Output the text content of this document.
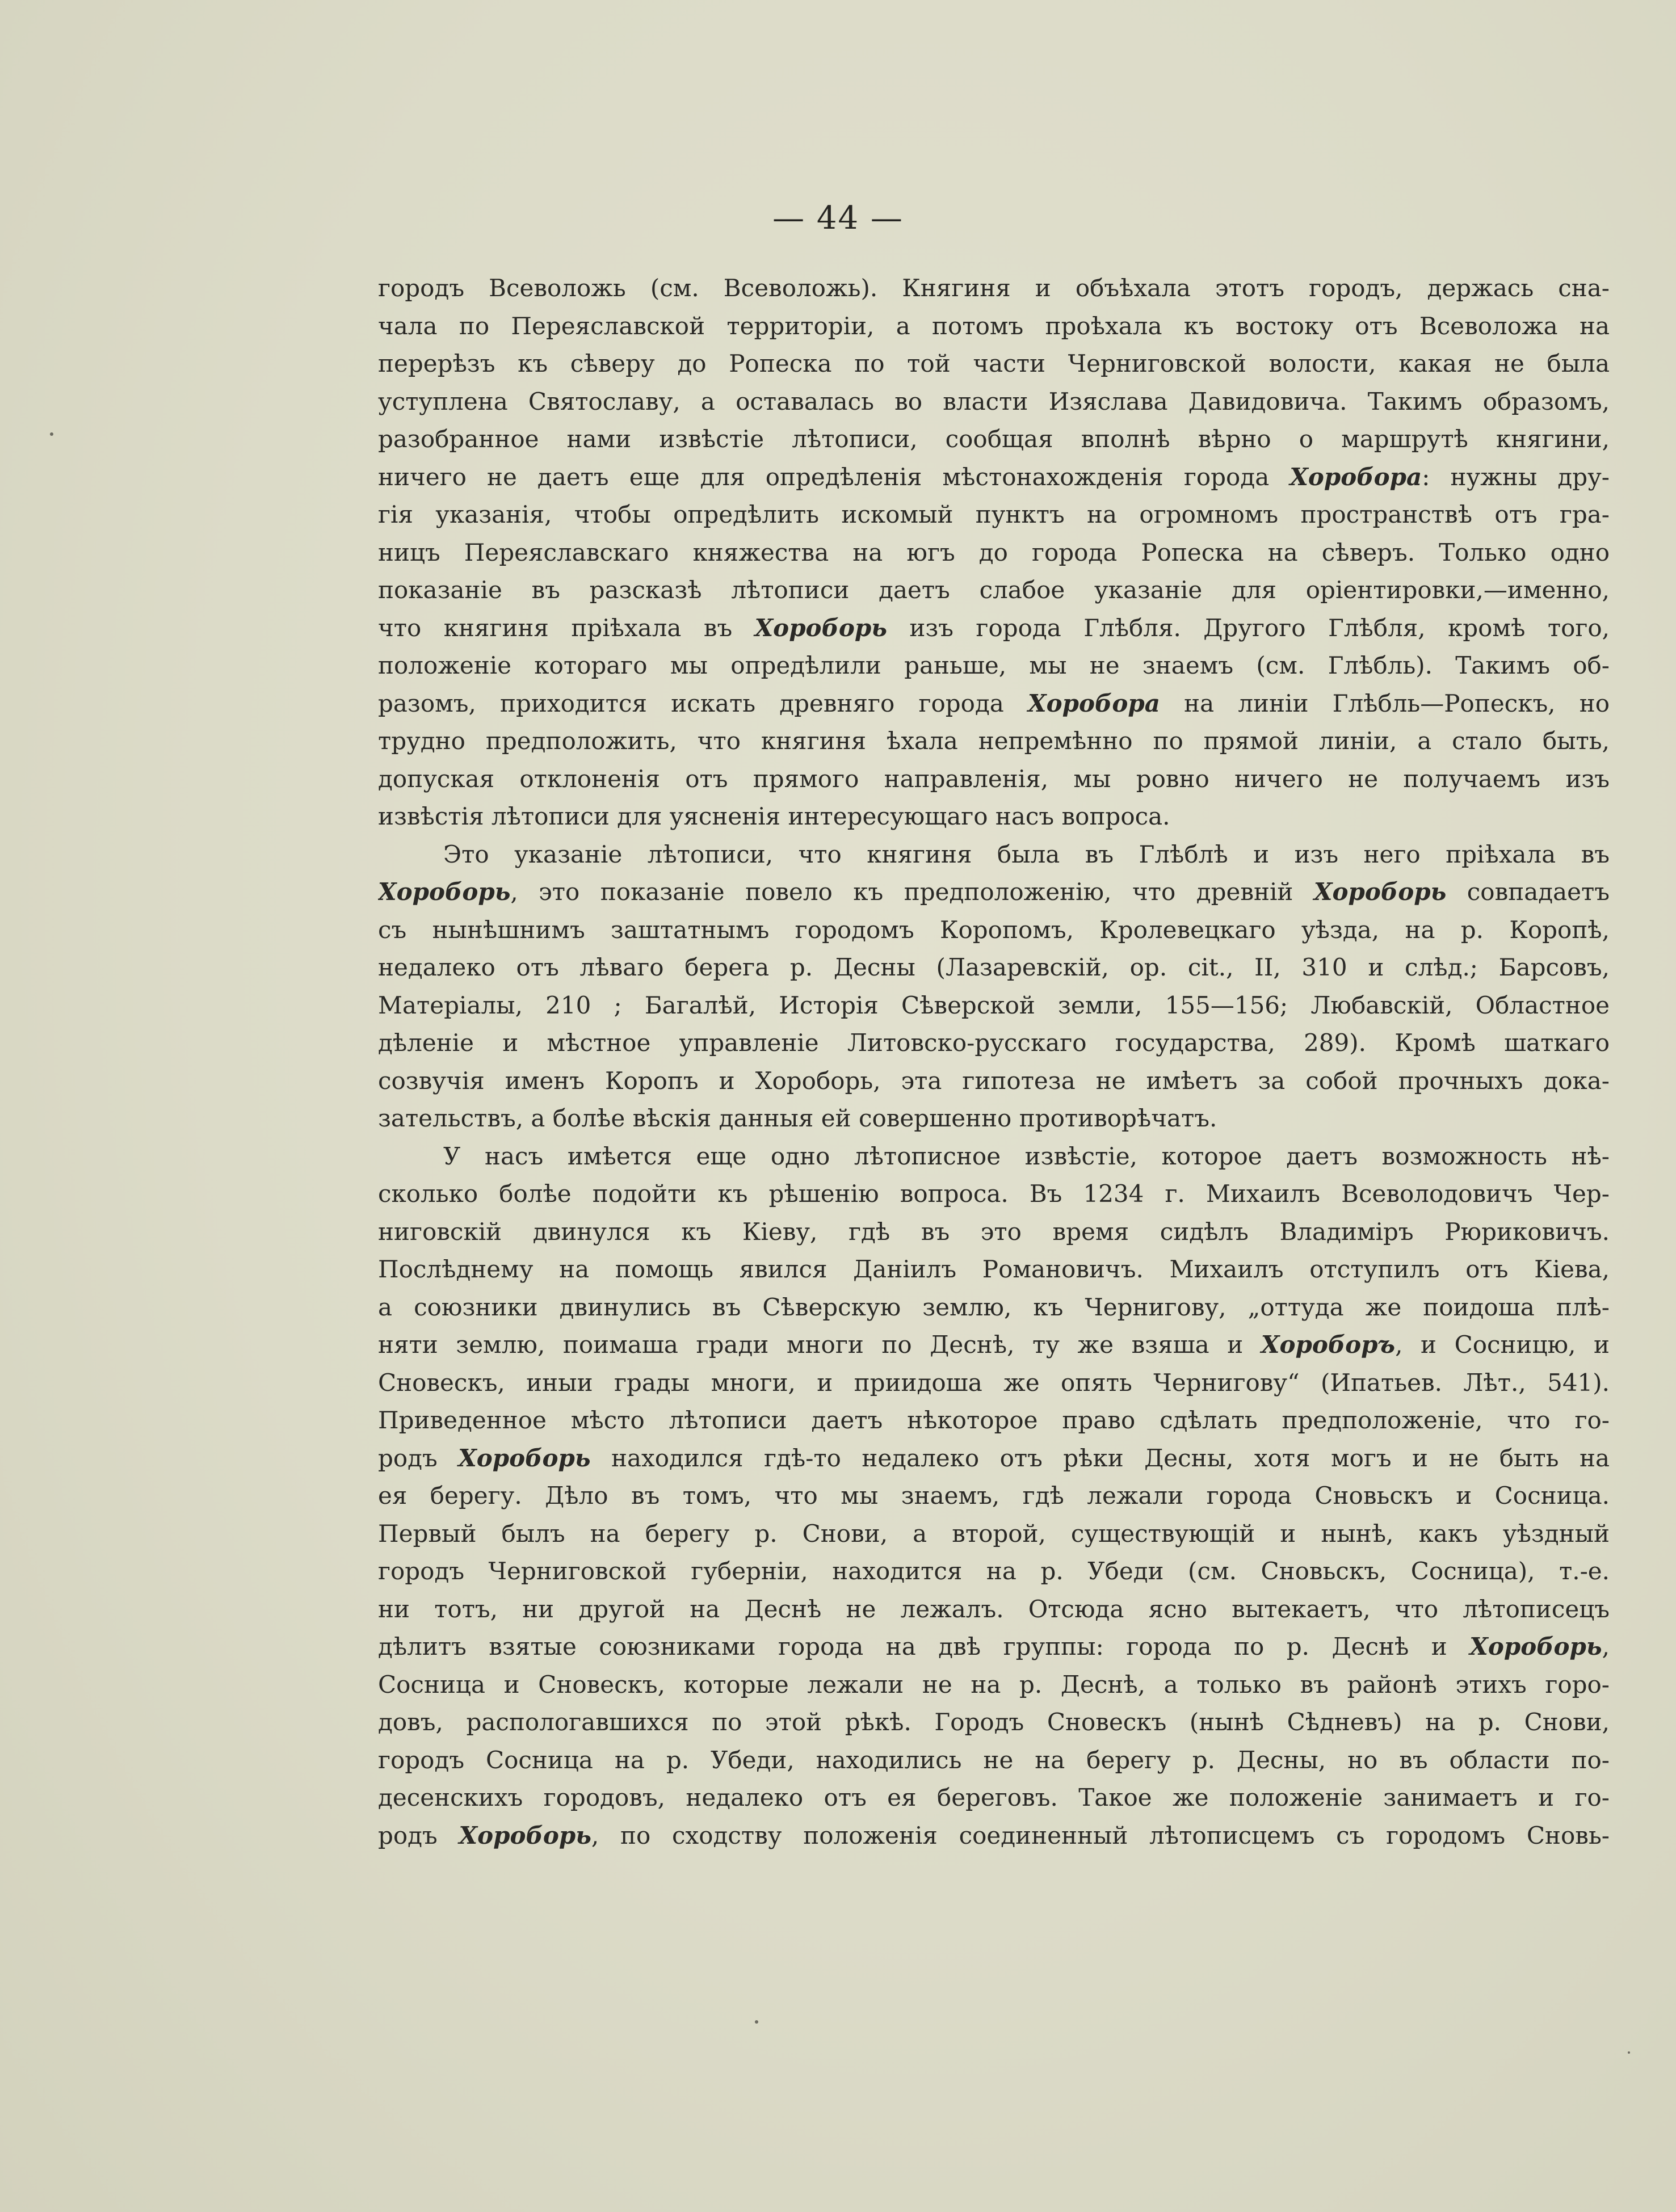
— 44 —
городъ Всеволожь (см. Всеволожь). Княгиня и объѣхала этотъ городъ, держась сна-
чала по Переяславской территоріи, а потомъ проѣхала къ востоку отъ Всеволожа на
перерѣзъ къ сѣверу до Ропеска по той части Черниговской волости, какая не была
уступлена Святославу, а оставалась во власти Изяслава Давидовича. Такимъ образомъ,
разобранное нами извѣстіе лѣтописи, сообщая вполнѣ вѣрно о маршрутѣ княгини,
ничего не даетъ еще для опредѣленія мѣстонахожденія города Хоробора: нужны дру-
гія указанія, чтобы опредѣлить искомый пунктъ на огромномъ пространствѣ отъ гра-
ницъ Переяславскаго княжества на югъ до города Ропеска на сѣверъ. Только одно
показаніе въ разсказѣ лѣтописи даетъ слабое указаніе для оріентировки,—именно,
что княгиня пріѣхала въ Хороборь изъ города Глѣбля. Другого Глѣбля, кромѣ того,
положеніе котораго мы опредѣлили раньше, мы не знаемъ (см. Глѣбль). Такимъ об-
разомъ, приходится искать древняго города Хоробора на линіи Глѣбль—Ропескъ, но
трудно предположить, что княгиня ѣхала непремѣнно по прямой линіи, а стало быть,
допуская отклоненія отъ прямого направленія, мы ровно ничего не получаемъ изъ
извѣстія лѣтописи для уясненія интересующаго насъ вопроса.
Это указаніе лѣтописи, что княгиня была въ Глѣблѣ и изъ него пріѣхала въ
Хороборь, это показаніе повело къ предположенію, что древній Хороборь совпадаетъ
съ нынѣшнимъ заштатнымъ городомъ Коропомъ, Кролевецкаго уѣзда, на р. Коропѣ,
недалеко отъ лѣваго берега р. Десны (Лазаревскій, op. cit., II, 310 и слѣд.; Барсовъ,
Матеріалы, 210 ; Багалѣй, Исторія Сѣверской земли, 155—156; Любавскій, Областное
дѣленіе и мѣстное управленіе Литовско-русскаго государства, 289). Кромѣ шаткаго
созвучія именъ Коропъ и Хороборь, эта гипотеза не имѣетъ за собой прочныхъ дока-
зательствъ, а болѣе вѣскія данныя ей совершенно противорѣчатъ.
У насъ имѣется еще одно лѣтописное извѣстіе, которое даетъ возможность нѣ-
сколько болѣе подойти къ рѣшенію вопроса. Въ 1234 г. Михаилъ Всеволодовичъ Чер-
ниговскій двинулся къ Кіеву, гдѣ въ это время сидѣлъ Владиміръ Рюриковичъ.
Послѣднему на помощь явился Даніилъ Романовичъ. Михаилъ отступилъ отъ Кіева,
а союзники двинулись въ Сѣверскую землю, къ Чернигову, „оттуда же поидоша плѣ-
няти землю, поимаша гради многи по Деснѣ, ту же взяша и Хороборъ, и Сосницю, и
Сновескъ, иныи грады многи, и приидоша же опять Чернигову“ (Ипатьев. Лѣт., 541).
Приведенное мѣсто лѣтописи даетъ нѣкоторое право сдѣлать предположеніе, что го-
родъ Хороборь находился гдѣ-то недалеко отъ рѣки Десны, хотя могъ и не быть на
ея берегу. Дѣло въ томъ, что мы знаемъ, гдѣ лежали города Сновьскъ и Сосница.
Первый былъ на берегу р. Снови, а второй, существующій и нынѣ, какъ уѣздный
городъ Черниговской губерніи, находится на р. Убеди (см. Сновьскъ, Сосница), т.-е.
ни тотъ, ни другой на Деснѣ не лежалъ. Отсюда ясно вытекаетъ, что лѣтописецъ
дѣлитъ взятые союзниками города на двѣ группы: города по р. Деснѣ и Хороборь,
Сосница и Сновескъ, которые лежали не на р. Деснѣ, а только въ районѣ этихъ горо-
довъ, распологавшихся по этой рѣкѣ. Городъ Сновескъ (нынѣ Сѣдневъ) на р. Снови,
городъ Сосница на р. Убеди, находились не на берегу р. Десны, но въ области по-
десенскихъ городовъ, недалеко отъ ея береговъ. Такое же положеніе занимаетъ и го-
родъ Хороборь, по сходству положенія соединенный лѣтописцемъ съ городомъ Сновь-
